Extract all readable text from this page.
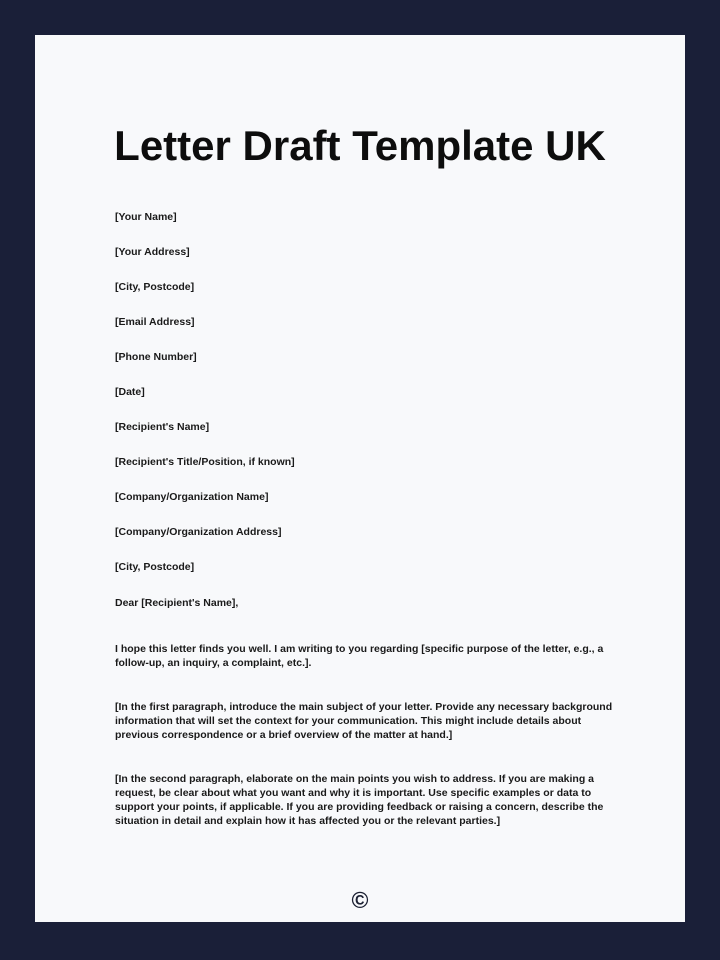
Letter Draft Template UK
[Your Name]
[Your Address]
[City, Postcode]
[Email Address]
[Phone Number]
[Date]
[Recipient's Name]
[Recipient's Title/Position, if known]
[Company/Organization Name]
[Company/Organization Address]
[City, Postcode]

Dear [Recipient's Name],

I hope this letter finds you well. I am writing to you regarding [specific purpose of the letter, e.g., a follow-up, an inquiry, a complaint, etc.].
[In the first paragraph, introduce the main subject of your letter. Provide any necessary background information that will set the context for your communication. This might include details about previous correspondence or a brief overview of the matter at hand.]
[In the second paragraph, elaborate on the main points you wish to address. If you are making a request, be clear about what you want and why it is important. Use specific examples or data to support your points, if applicable. If you are providing feedback or raising a concern, describe the situation in detail and explain how it has affected you or the relevant parties.]
©
